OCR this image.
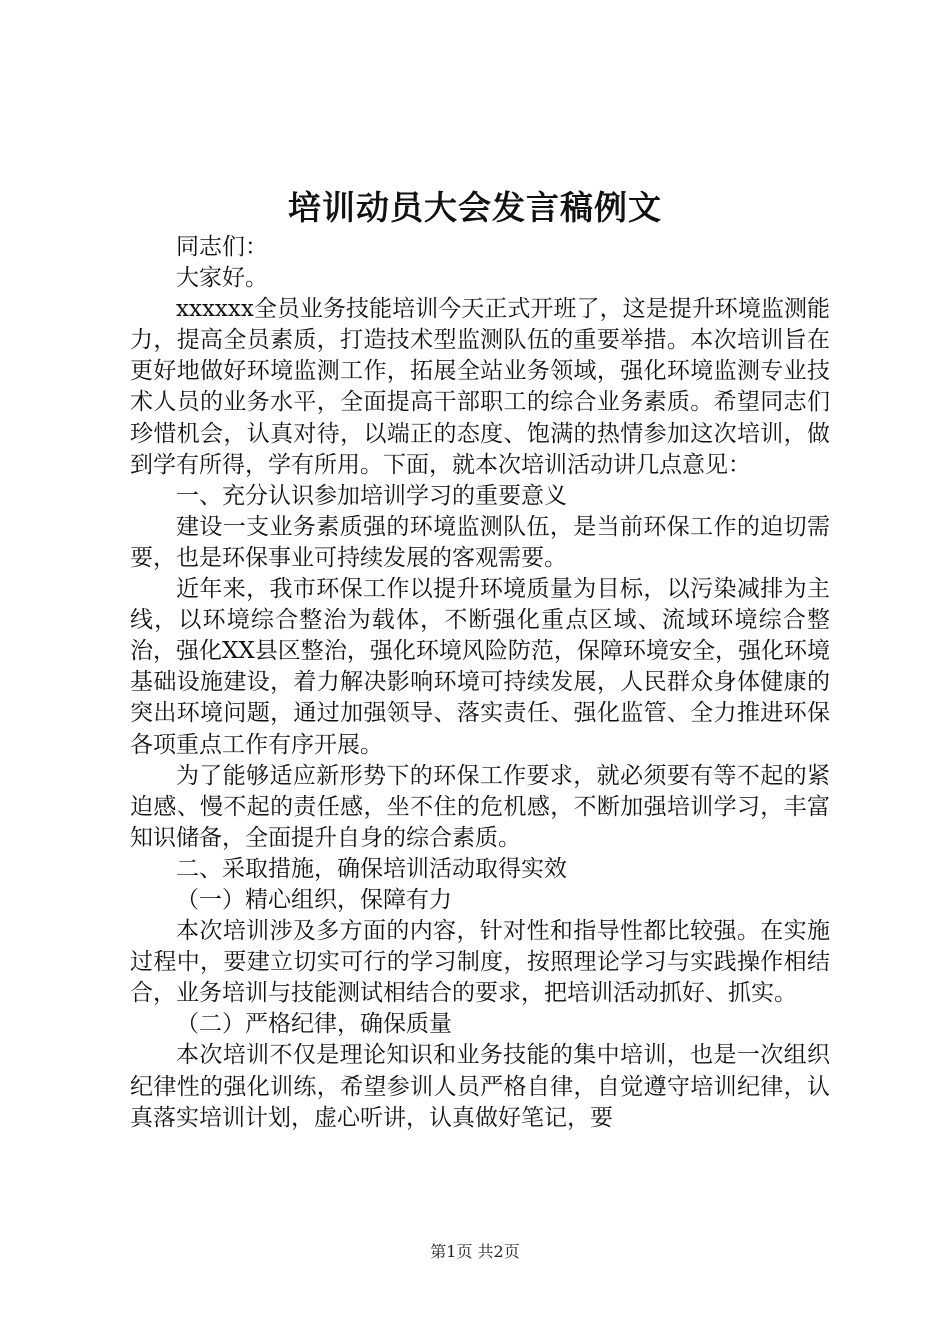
培训动员大会发言稿例文

同志们：

大家好。

xxxxxx全员业务技能培训今天正式开班了，这是提升环境监测能力，提高全员素质，打造技术型监测队伍的重要举措。本次培训旨在更好地做好环境监测工作，拓展全站业务领域，强化环境监测专业技术人员的业务水平，全面提高干部职工的综合业务素质。希望同志们珍惜机会，认真对待，以端正的态度、饱满的热情参加这次培训，做到学有所得，学有所用。下面，就本次培训活动讲几点意见：

一、充分认识参加培训学习的重要意义

建设一支业务素质强的环境监测队伍，是当前环保工作的迫切需要，也是环保事业可持续发展的客观需要。

近年来，我市环保工作以提升环境质量为目标，以污染减排为主线，以环境综合整治为载体，不断强化重点区域、流域环境综合整治，强化XX县区整治，强化环境风险防范，保障环境安全，强化环境基础设施建设，着力解决影响环境可持续发展，人民群众身体健康的突出环境问题，通过加强领导、落实责任、强化监管、全力推进环保各项重点工作有序开展。

为了能够适应新形势下的环保工作要求，就必须要有等不起的紧迫感、慢不起的责任感，坐不住的危机感，不断加强培训学习，丰富知识储备，全面提升自身的综合素质。

二、采取措施，确保培训活动取得实效

（一）精心组织，保障有力

本次培训涉及多方面的内容，针对性和指导性都比较强。在实施过程中，要建立切实可行的学习制度，按照理论学习与实践操作相结合，业务培训与技能测试相结合的要求，把培训活动抓好、抓实。

（二）严格纪律，确保质量

本次培训不仅是理论知识和业务技能的集中培训，也是一次组织纪律性的强化训练，希望参训人员严格自律，自觉遵守培训纪律，认真落实培训计划，虚心听讲，认真做好笔记，要

第1页 共2页
